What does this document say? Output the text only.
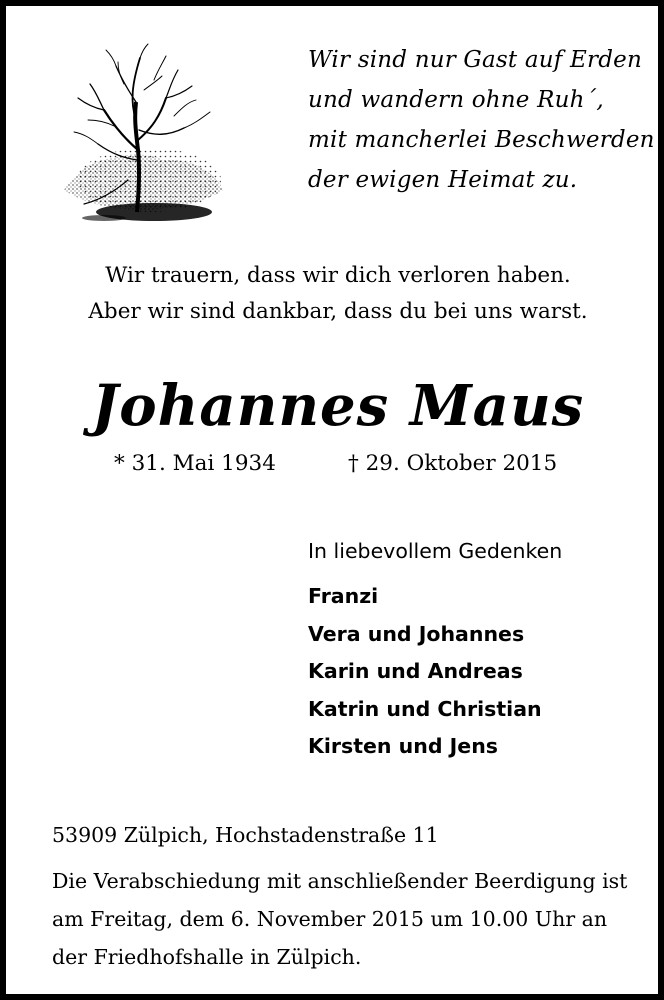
Wir sind nur Gast auf Erden
und wandern ohne Ruh´,
mit mancherlei Beschwerden
der ewigen Heimat zu.
Wir trauern, dass wir dich verloren haben.
Aber wir sind dankbar, dass du bei uns warst.
Johannes Maus
* 31. Mai 1934	† 29. Oktober 2015
In liebevollem Gedenken
Franzi
Vera und Johannes
Karin und Andreas
Katrin und Christian
Kirsten und Jens
53909 Zülpich, Hochstadenstraße 11
Die Verabschiedung mit anschließender Beerdigung ist
am Freitag, dem 6. November 2015 um 10.00 Uhr an
der Friedhofshalle in Zülpich.
